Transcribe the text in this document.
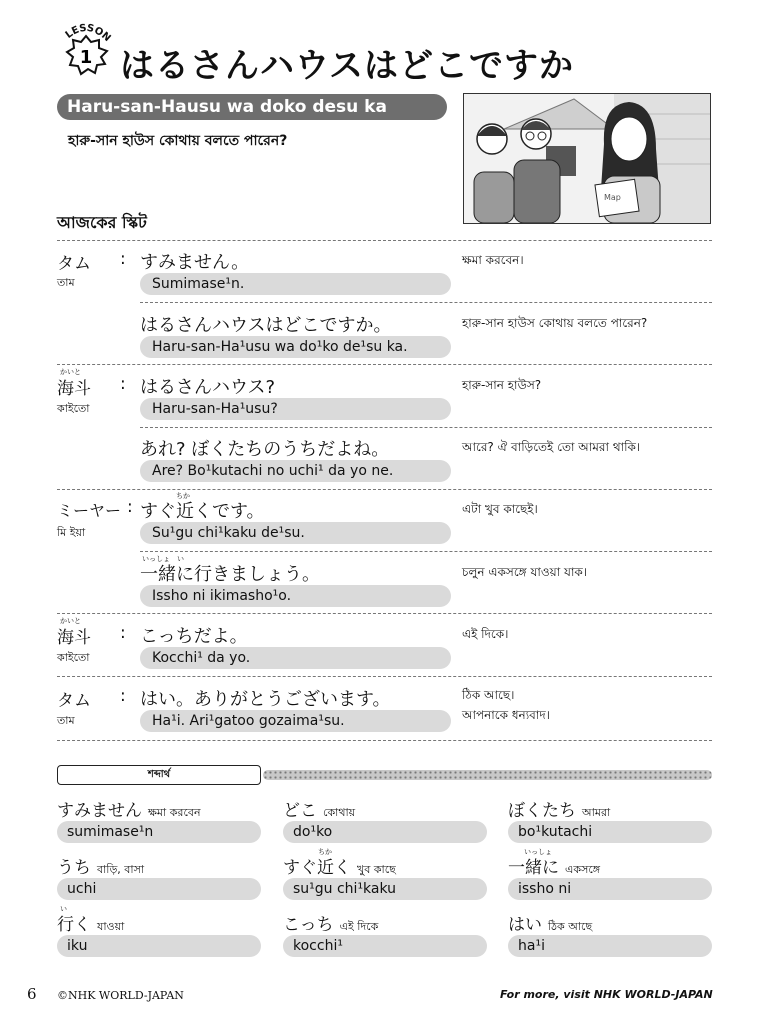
LESSON
1 はるさんハウスはどこですか
Haru-san-Hausu wa doko desu ka
হারু-সান হাউস কোথায় বলতে পারেন?
Map
আজকের স্কিট
タム
তাম
: すみません。
Sumimase¹n.
ক্ষমা করবেন।
はるさんハウスはどこですか。
Haru-san-Ha¹usu wa do¹ko de¹su ka.
হারু-সান হাউস কোথায় বলতে পারেন?
かいと
海斗
কাইতো
: はるさんハウス?
Haru-san-Ha¹usu?
হারু-সান হাউস?
あれ? ぼくたちのうちだよね。
Are? Bo¹kutachi no uchi¹ da yo ne.
আরে? ঐ বাড়িতেই তো আমরা থাকি।
ミーヤー :
মি ইয়া
ちか
すぐ近くです。
Su¹gu chi¹kaku de¹su.
এটা খুব কাছেই।
いっしょ　い
一緒に行きましょう。
Issho ni ikimasho¹o.
চলুন একসঙ্গে যাওয়া যাক।
かいと
海斗
কাইতো
: こっちだよ。
Kocchi¹ da yo.
এই দিকে।
タム
তাম
: はい。ありがとうございます。
Ha¹i. Ari¹gatoo gozaima¹su.
ঠিক আছে।
আপনাকে ধন্যবাদ।
শব্দার্থ
すみません ক্ষমা করবেন
sumimase¹n
うち বাড়ি, বাসা
uchi
い
行く যাওয়া
iku
どこ কোথায়
do¹ko
ちか
すぐ近く খুব কাছে
su¹gu chi¹kaku
こっち এই দিকে
kocchi¹
ぼくたち আমরা
bo¹kutachi
いっしょ
一緒に একসঙ্গে
issho ni
はい ঠিক আছে
ha¹i
6 ©NHK WORLD-JAPAN	For more, visit NHK WORLD-JAPAN
